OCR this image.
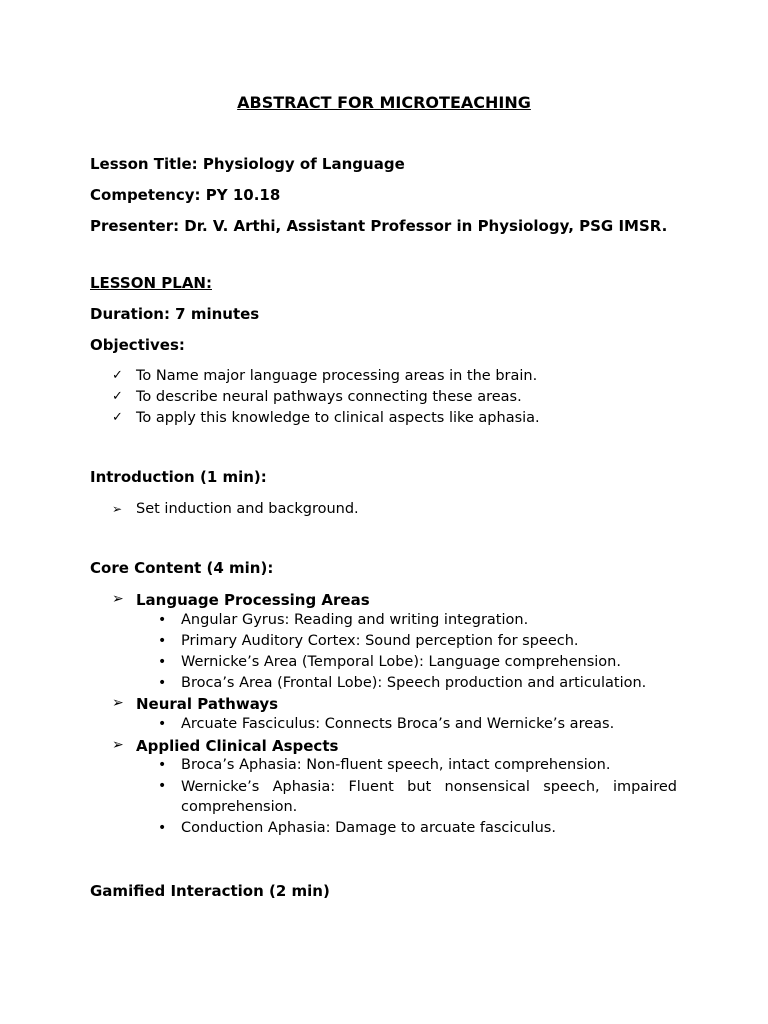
ABSTRACT FOR MICROTEACHING

Lesson Title: Physiology of Language

Competency: PY 10.18

Presenter: Dr. V. Arthi, Assistant Professor in Physiology, PSG IMSR.

LESSON PLAN:

Duration: 7 minutes

Objectives:

✓ To Name major language processing areas in the brain.

✓ To describe neural pathways connecting these areas.

✓ To apply this knowledge to clinical aspects like aphasia.

Introduction (1 min):

➢ Set induction and background.

Core Content (4 min):

➢ Language Processing Areas

• Angular Gyrus: Reading and writing integration.

• Primary Auditory Cortex: Sound perception for speech.

• Wernicke’s Area (Temporal Lobe): Language comprehension.

• Broca’s Area (Frontal Lobe): Speech production and articulation.

➢ Neural Pathways

• Arcuate Fasciculus: Connects Broca’s and Wernicke’s areas.

➢ Applied Clinical Aspects

• Broca’s Aphasia: Non-fluent speech, intact comprehension.

• Wernicke’s Aphasia: Fluent but nonsensical speech, impaired

comprehension.

• Conduction Aphasia: Damage to arcuate fasciculus.

Gamified Interaction (2 min)
